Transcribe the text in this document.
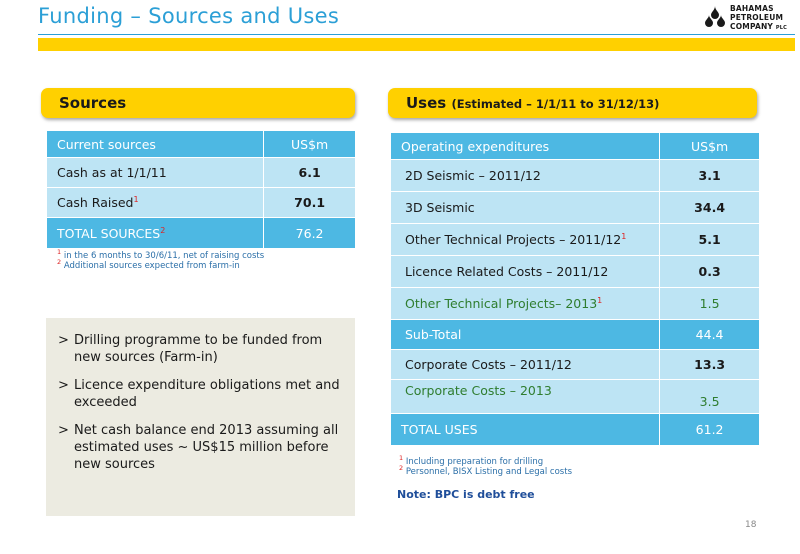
Funding – Sources and Uses	BAHAMAS
PETROLEUM
COMPANY PLC
Sources
Current sources	US$m
Cash as at 1/1/11	6.1
Cash Raised$^1$	70.1
TOTAL SOURCES$^2$	76.2
$^1$ in the 6 months to 30/6/11, net of raising costs
$^2$ Additional sources expected from farm-in
Uses (Estimated – 1/1/11 to 31/12/13)
Operating expenditures	US$m
2D Seismic – 2011/12	3.1
3D Seismic	34.4
Other Technical Projects – $2011/12^1$	5.1
Licence Related Costs – 2011/12	0.3
Other Technical Projects– 2013$^1$	1.5
Sub-Total	44.4
Corporate Costs – 2011/12	13.3
Corporate Costs – 2013	3.5
TOTAL USES	61.2
$^1$ Including preparation for drilling
$^2$ Personnel, BISX Listing and Legal costs
Note: BPC is debt free
> Drilling programme to be funded from new sources (Farm-in)
> Licence expenditure obligations met and exceeded
> Net cash balance end 2013 assuming all estimated uses ~ US$15 million before new sources
18
